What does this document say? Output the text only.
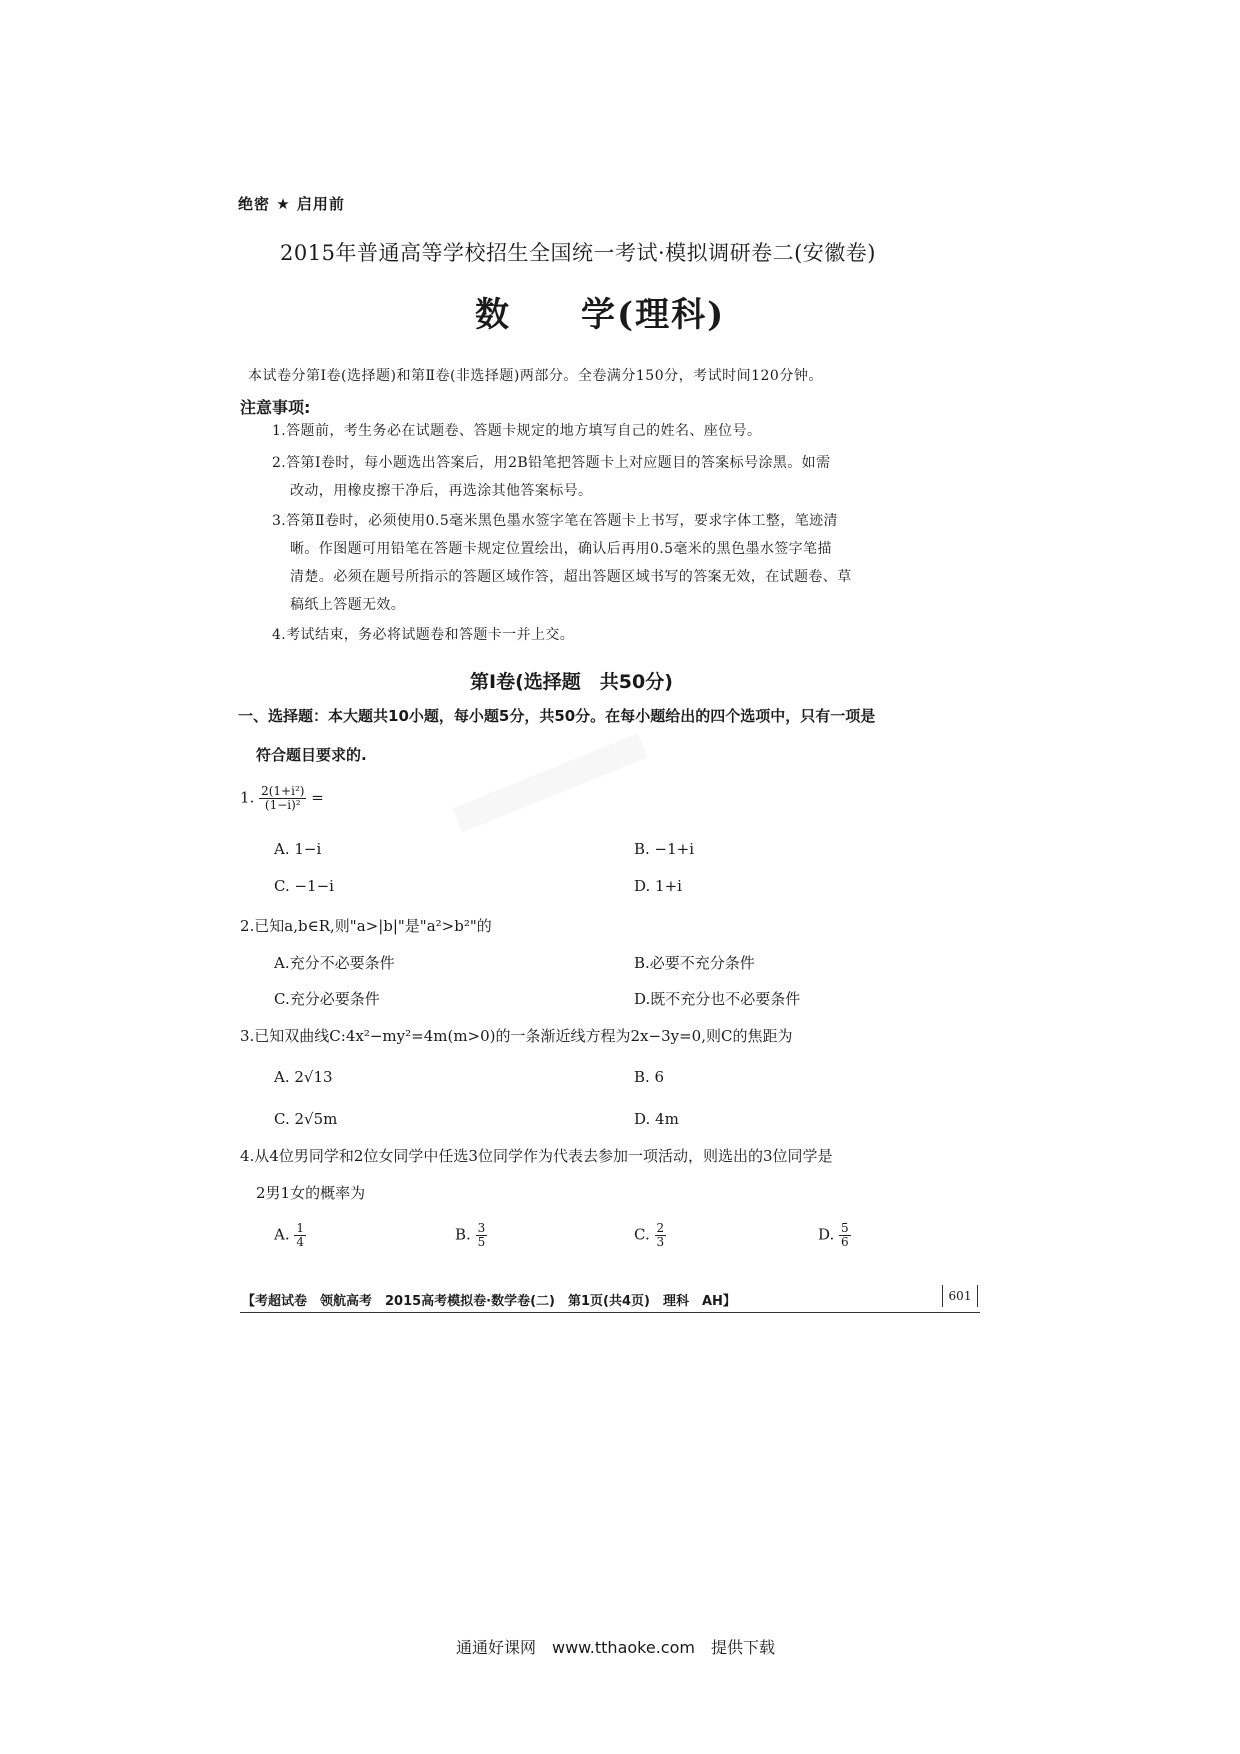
绝密 ★ 启用前
2015年普通高等学校招生全国统一考试·模拟调研卷二(安徽卷)
数 学(理科)
本试卷分第Ⅰ卷(选择题)和第Ⅱ卷(非选择题)两部分。全卷满分150分，考试时间120分钟。
注意事项:
1.答题前，考生务必在试题卷、答题卡规定的地方填写自己的姓名、座位号。
2.答第Ⅰ卷时，每小题选出答案后，用2B铅笔把答题卡上对应题目的答案标号涂黑。如需
改动，用橡皮擦干净后，再选涂其他答案标号。
3.答第Ⅱ卷时，必须使用0.5毫米黑色墨水签字笔在答题卡上书写，要求字体工整，笔迹清
晰。作图题可用铅笔在答题卡规定位置绘出，确认后再用0.5毫米的黑色墨水签字笔描
清楚。必须在题号所指示的答题区域作答，超出答题区域书写的答案无效，在试题卷、草
稿纸上答题无效。
4.考试结束，务必将试题卷和答题卡一并上交。
第Ⅰ卷(选择题　共50分)
一、选择题：本大题共10小题，每小题5分，共50分。在每小题给出的四个选项中，只有一项是
符合题目要求的.
1. $\frac{\text{2(1+i²)}}{\text{(1−i)²}}$ =
A. 1−i	B. −1+i
C. −1−i	D. 1+i
2.已知a,b∈R,则"a>|b|"是"a²>b²"的
A.充分不必要条件	B.必要不充分条件
C.充分必要条件	D.既不充分也不必要条件
3.已知双曲线C:4x²−my²=4m(m>0)的一条渐近线方程为2x−3y=0,则C的焦距为
A. 2√13	B. 6
C. 2√5m	D. 4m
4.从4位男同学和2位女同学中任选3位同学作为代表去参加一项活动，则选出的3位同学是
2男1女的概率为
A. $\frac{1}{4}$	B. $\frac{3}{5}$	C. $\frac{2}{3}$	D. $\frac{5}{6}$
【考超试卷　领航高考　2015高考模拟卷·数学卷(二)　第1页(共4页)　理科　AH】	601
通通好课网　www.tthaoke.com　提供下载
